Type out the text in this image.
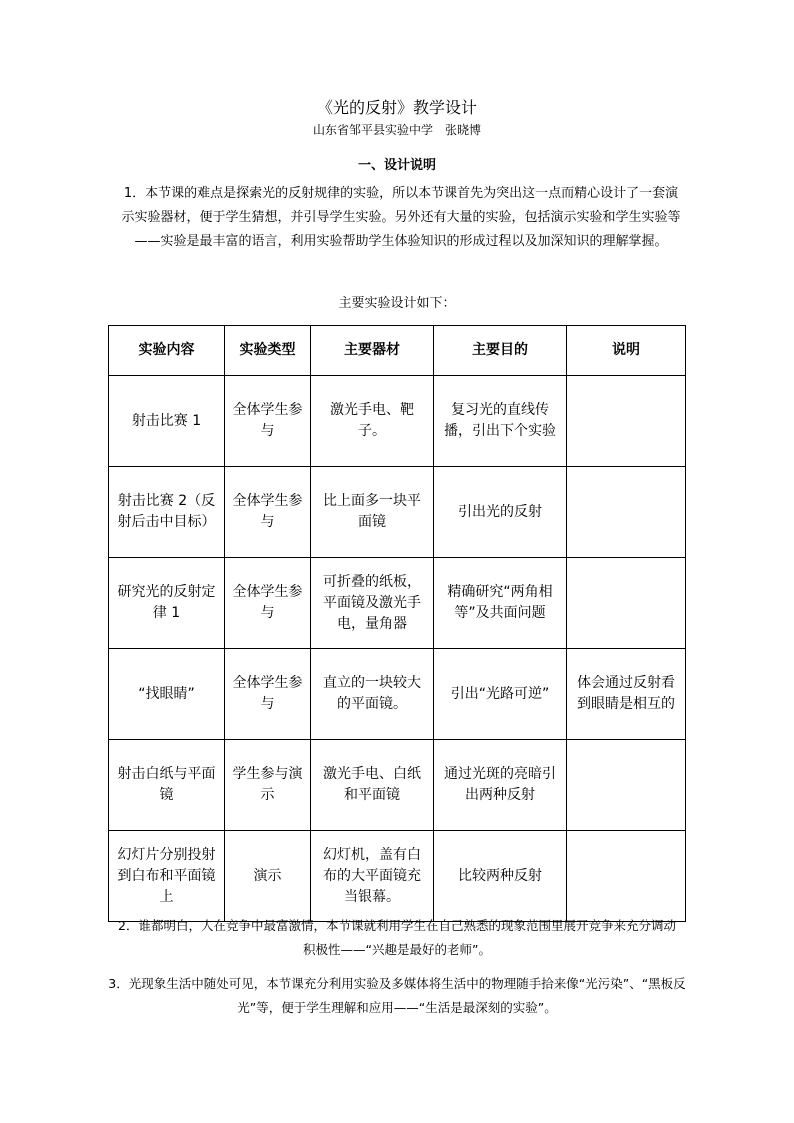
《光的反射》教学设计
山东省邹平县实验中学　张晓博
一、设计说明
1．本节课的难点是探索光的反射规律的实验，所以本节课首先为突出这一点而精心设计了一套演示实验器材，便于学生猜想，并引导学生实验。另外还有大量的实验，包括演示实验和学生实验等——实验是最丰富的语言，利用实验帮助学生体验知识的形成过程以及加深知识的理解掌握。
主要实验设计如下：
实验内容	实验类型	主要器材	主要目的	说明
射击比赛 1	全体学生参与	激光手电、靶子。	复习光的直线传播，引出下个实验	
射击比赛 2（反射后击中目标）	全体学生参与	比上面多一块平面镜	引出光的反射	
研究光的反射定律 1	全体学生参与	可折叠的纸板，平面镜及激光手电，量角器	精确研究“两角相等”及共面问题	
“找眼睛”	全体学生参与	直立的一块较大的平面镜。	引出“光路可逆”	体会通过反射看到眼睛是相互的
射击白纸与平面镜	学生参与演示	激光手电、白纸和平面镜	通过光斑的亮暗引出两种反射	
幻灯片分别投射到白布和平面镜上	演示	幻灯机，盖有白布的大平面镜充当银幕。	比较两种反射	
2．谁都明白，人在竞争中最富激情，本节课就利用学生在自己熟悉的现象范围里展开竞争来充分调动积极性——“兴趣是最好的老师”。
3．光现象生活中随处可见，本节课充分利用实验及多媒体将生活中的物理随手拾来像“光污染”、“黑板反光”等，便于学生理解和应用——“生活是最深刻的实验”。
